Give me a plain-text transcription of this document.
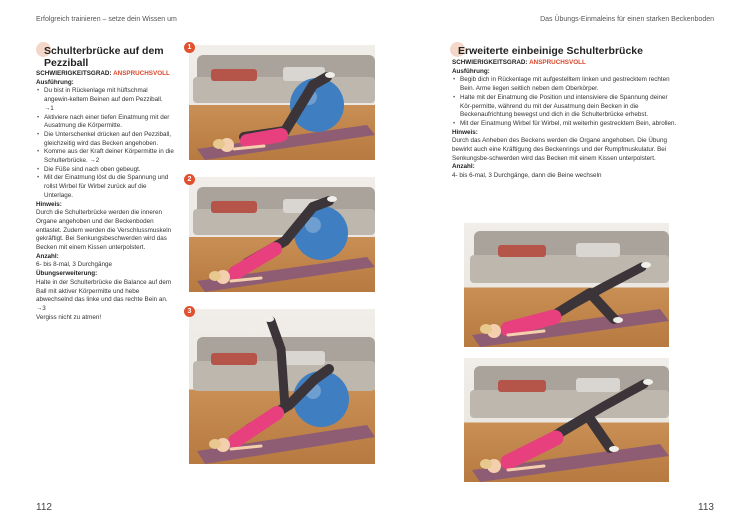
Erfolgreich trainieren – setze dein Wissen um
Schulterbrücke auf dem Pezziball

SCHWIERIGKEITSGRAD: ANSPRUCHSVOLL

Ausführung:

• Du bist in Rückenlage mit hüftschmal angewin-keltem Beinen auf dem Pezziball. →1
• Aktiviere nach einer tiefen Einatmung mit der Ausatmung die Körpermitte.
• Die Unterschenkel drücken auf den Pezziball, gleichzeitig wird das Becken angehoben.
• Komme aus der Kraft deiner Körpermitte in die Schulterbrücke. →2
• Die Füße sind nach oben gebeugt.
• Mit der Einatmung löst du die Spannung und rollst Wirbel für Wirbel zurück auf die Unterlage.

Hinweis:

Durch die Schulterbrücke werden die inneren Organe angehoben und der Beckenboden entlastet. Zudem werden die Verschlussmuskeln gekräftigt. Bei Senkungsbeschwerden wird das Becken mit einem Kissen unterpolstert.

Anzahl:

6- bis 8-mal, 3 Durchgänge

Übungserweiterung:

Halte in der Schulterbrücke die Balance auf dem Ball mit aktiver Körpermitte und hebe abwechselnd das linke und das rechte Bein an. →3

Vergiss nicht zu atmen!

1
2
3
112
Das Übungs-Einmaleins für einen starken Beckenboden
Erweiterte einbeinige Schulterbrücke

SCHWIERIGKEITSGRAD: ANSPRUCHSVOLL

Ausführung:

• Begib dich in Rückenlage mit aufgestelltem linken und gestrecktem rechten Bein. Arme liegen seitlich neben dem Oberkörper.
• Halte mit der Einatmung die Position und intensiviere die Spannung deiner Kör-permitte, während du mit der Ausatmung dein Becken in die Beckenaufrichtung bewegst und dich in die Schulterbrücke erhebst.
• Mit der Einatmung Wirbel für Wirbel, mit weiterhin gestrecktem Bein, abrollen.

Hinweis:

Durch das Anheben des Beckens werden die Organe angehoben. Die Übung bewirkt auch eine Kräftigung des Beckenrings und der Rumpfmuskulatur. Bei Senkungsbe-schwerden wird das Becken mit einem Kissen unterpolstert.

Anzahl:

4- bis 6-mal, 3 Durchgänge, dann die Beine wechseln

113
